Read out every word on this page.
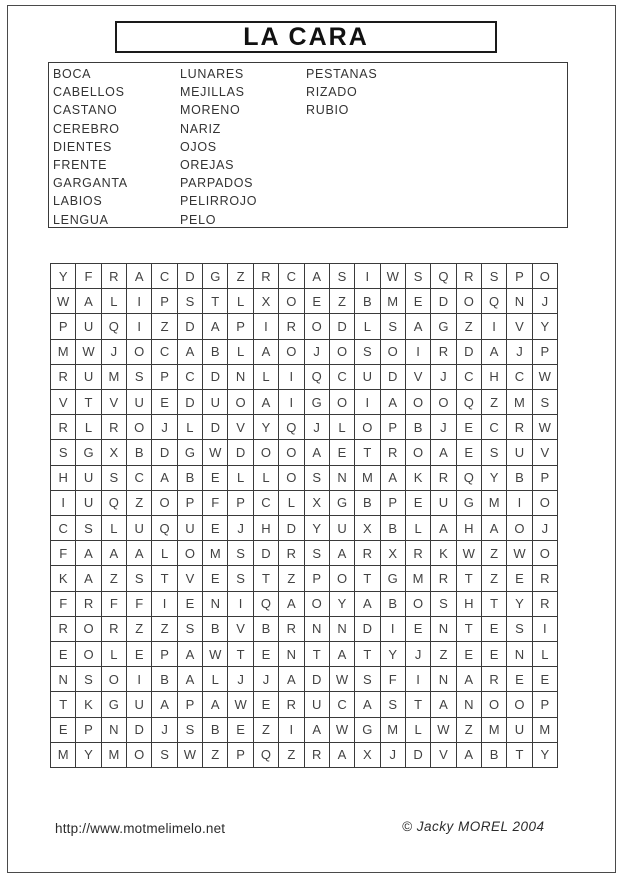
LA CARA
BOCA
CABELLOS
CASTANO
CEREBRO
DIENTES
FRENTE
GARGANTA
LABIOS
LENGUA
LUNARES
MEJILLAS
MORENO
NARIZ
OJOS
OREJAS
PARPADOS
PELIRROJO
PELO
PESTANAS
RIZADO
RUBIO
Y	F	R	A	C	D	G	Z	R	C	A	S	I	W	S	Q	R	S	P	O
W	A	L	I	P	S	T	L	X	O	E	Z	B	M	E	D	O	Q	N	J
P	U	Q	I	Z	D	A	P	I	R	O	D	L	S	A	G	Z	I	V	Y
M	W	J	O	C	A	B	L	A	O	J	O	S	O	I	R	D	A	J	P
R	U	M	S	P	C	D	N	L	I	Q	C	U	D	V	J	C	H	C	W
V	T	V	U	E	D	U	O	A	I	G	O	I	A	O	O	Q	Z	M	S
R	L	R	O	J	L	D	V	Y	Q	J	L	O	P	B	J	E	C	R	W
S	G	X	B	D	G	W	D	O	O	A	E	T	R	O	A	E	S	U	V
H	U	S	C	A	B	E	L	L	O	S	N	M	A	K	R	Q	Y	B	P
I	U	Q	Z	O	P	F	P	C	L	X	G	B	P	E	U	G	M	I	O
C	S	L	U	Q	U	E	J	H	D	Y	U	X	B	L	A	H	A	O	J
F	A	A	A	L	O	M	S	D	R	S	A	R	X	R	K	W	Z	W	O
K	A	Z	S	T	V	E	S	T	Z	P	O	T	G	M	R	T	Z	E	R
F	R	F	F	I	E	N	I	Q	A	O	Y	A	B	O	S	H	T	Y	R
R	O	R	Z	Z	S	B	V	B	R	N	N	D	I	E	N	T	E	S	I
E	O	L	E	P	A	W	T	E	N	T	A	T	Y	J	Z	E	E	N	L
N	S	O	I	B	A	L	J	J	A	D	W	S	F	I	N	A	R	E	E
T	K	G	U	A	P	A	W	E	R	U	C	A	S	T	A	N	O	O	P
E	P	N	D	J	S	B	E	Z	I	A	W	G	M	L	W	Z	M	U	M
M	Y	M	O	S	W	Z	P	Q	Z	R	A	X	J	D	V	A	B	T	Y
http://www.motmelimelo.net	© Jacky MOREL 2004
